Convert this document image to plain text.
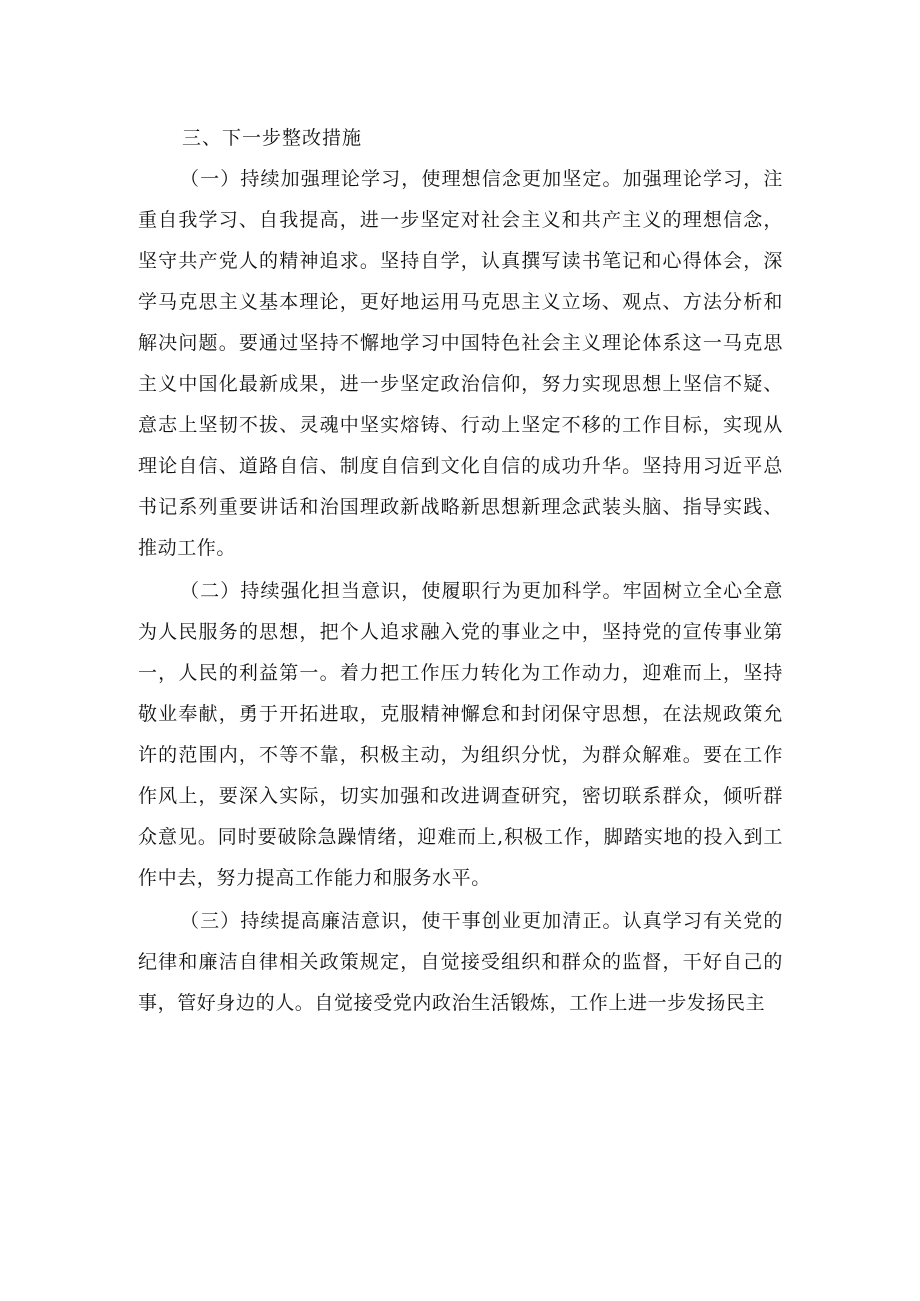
三、下一步整改措施

（一）持续加强理论学习，使理想信念更加坚定。加强理论学习，注重自我学习、自我提高，进一步坚定对社会主义和共产主义的理想信念，坚守共产党人的精神追求。坚持自学，认真撰写读书笔记和心得体会，深学马克思主义基本理论，更好地运用马克思主义立场、观点、方法分析和解决问题。要通过坚持不懈地学习中国特色社会主义理论体系这一马克思主义中国化最新成果，进一步坚定政治信仰，努力实现思想上坚信不疑、意志上坚韧不拔、灵魂中坚实熔铸、行动上坚定不移的工作目标，实现从理论自信、道路自信、制度自信到文化自信的成功升华。坚持用习近平总书记系列重要讲话和治国理政新战略新思想新理念武装头脑、指导实践、推动工作。

（二）持续强化担当意识，使履职行为更加科学。牢固树立全心全意为人民服务的思想，把个人追求融入党的事业之中，坚持党的宣传事业第一，人民的利益第一。着力把工作压力转化为工作动力，迎难而上，坚持敬业奉献，勇于开拓进取，克服精神懈怠和封闭保守思想，在法规政策允许的范围内，不等不靠，积极主动，为组织分忧，为群众解难。要在工作作风上，要深入实际，切实加强和改进调查研究，密切联系群众，倾听群众意见。同时要破除急躁情绪，迎难而上,积极工作，脚踏实地的投入到工作中去，努力提高工作能力和服务水平。

（三）持续提高廉洁意识，使干事创业更加清正。认真学习有关党的纪律和廉洁自律相关政策规定，自觉接受组织和群众的监督，干好自己的事，管好身边的人。自觉接受党内政治生活锻炼，工作上进一步发扬民主
